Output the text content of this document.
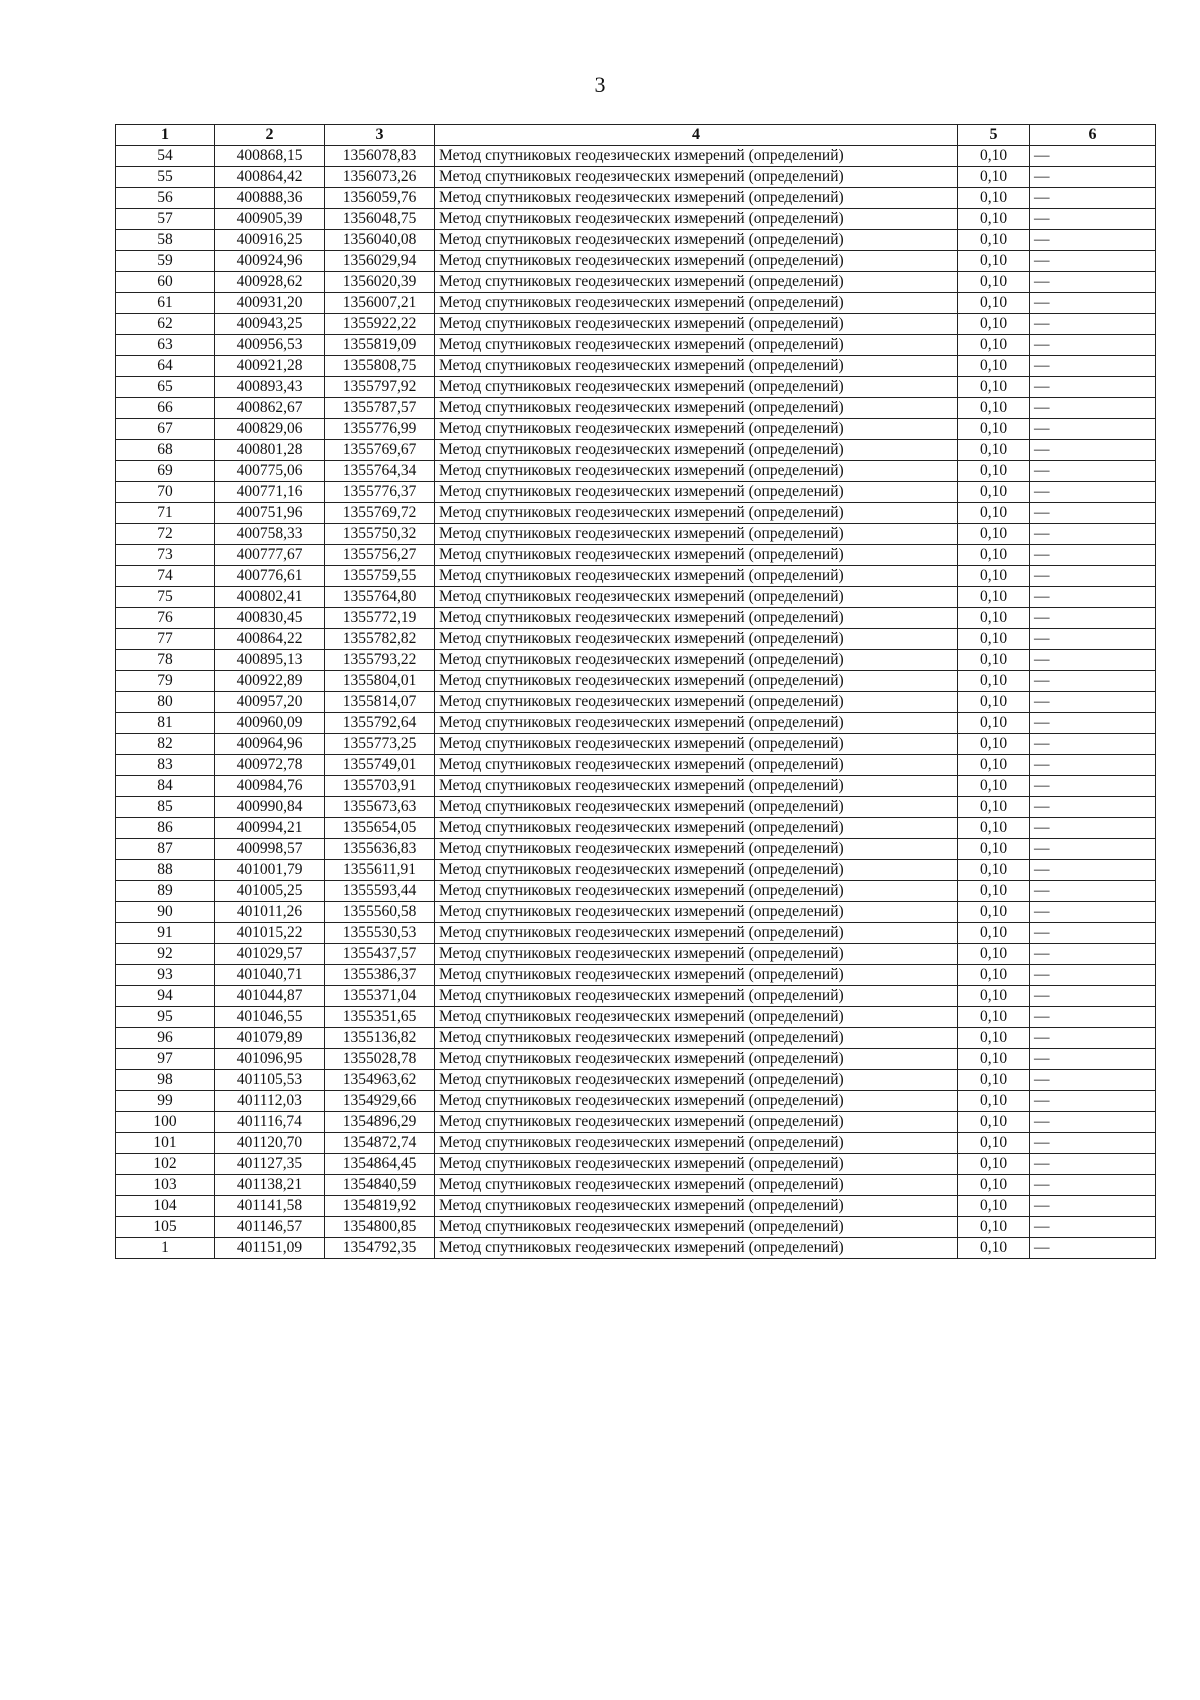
3
1	2	3	4	5	6
54	400868,15	1356078,83	Метод спутниковых геодезических измерений (определений)	0,10	—
55	400864,42	1356073,26	Метод спутниковых геодезических измерений (определений)	0,10	—
56	400888,36	1356059,76	Метод спутниковых геодезических измерений (определений)	0,10	—
57	400905,39	1356048,75	Метод спутниковых геодезических измерений (определений)	0,10	—
58	400916,25	1356040,08	Метод спутниковых геодезических измерений (определений)	0,10	—
59	400924,96	1356029,94	Метод спутниковых геодезических измерений (определений)	0,10	—
60	400928,62	1356020,39	Метод спутниковых геодезических измерений (определений)	0,10	—
61	400931,20	1356007,21	Метод спутниковых геодезических измерений (определений)	0,10	—
62	400943,25	1355922,22	Метод спутниковых геодезических измерений (определений)	0,10	—
63	400956,53	1355819,09	Метод спутниковых геодезических измерений (определений)	0,10	—
64	400921,28	1355808,75	Метод спутниковых геодезических измерений (определений)	0,10	—
65	400893,43	1355797,92	Метод спутниковых геодезических измерений (определений)	0,10	—
66	400862,67	1355787,57	Метод спутниковых геодезических измерений (определений)	0,10	—
67	400829,06	1355776,99	Метод спутниковых геодезических измерений (определений)	0,10	—
68	400801,28	1355769,67	Метод спутниковых геодезических измерений (определений)	0,10	—
69	400775,06	1355764,34	Метод спутниковых геодезических измерений (определений)	0,10	—
70	400771,16	1355776,37	Метод спутниковых геодезических измерений (определений)	0,10	—
71	400751,96	1355769,72	Метод спутниковых геодезических измерений (определений)	0,10	—
72	400758,33	1355750,32	Метод спутниковых геодезических измерений (определений)	0,10	—
73	400777,67	1355756,27	Метод спутниковых геодезических измерений (определений)	0,10	—
74	400776,61	1355759,55	Метод спутниковых геодезических измерений (определений)	0,10	—
75	400802,41	1355764,80	Метод спутниковых геодезических измерений (определений)	0,10	—
76	400830,45	1355772,19	Метод спутниковых геодезических измерений (определений)	0,10	—
77	400864,22	1355782,82	Метод спутниковых геодезических измерений (определений)	0,10	—
78	400895,13	1355793,22	Метод спутниковых геодезических измерений (определений)	0,10	—
79	400922,89	1355804,01	Метод спутниковых геодезических измерений (определений)	0,10	—
80	400957,20	1355814,07	Метод спутниковых геодезических измерений (определений)	0,10	—
81	400960,09	1355792,64	Метод спутниковых геодезических измерений (определений)	0,10	—
82	400964,96	1355773,25	Метод спутниковых геодезических измерений (определений)	0,10	—
83	400972,78	1355749,01	Метод спутниковых геодезических измерений (определений)	0,10	—
84	400984,76	1355703,91	Метод спутниковых геодезических измерений (определений)	0,10	—
85	400990,84	1355673,63	Метод спутниковых геодезических измерений (определений)	0,10	—
86	400994,21	1355654,05	Метод спутниковых геодезических измерений (определений)	0,10	—
87	400998,57	1355636,83	Метод спутниковых геодезических измерений (определений)	0,10	—
88	401001,79	1355611,91	Метод спутниковых геодезических измерений (определений)	0,10	—
89	401005,25	1355593,44	Метод спутниковых геодезических измерений (определений)	0,10	—
90	401011,26	1355560,58	Метод спутниковых геодезических измерений (определений)	0,10	—
91	401015,22	1355530,53	Метод спутниковых геодезических измерений (определений)	0,10	—
92	401029,57	1355437,57	Метод спутниковых геодезических измерений (определений)	0,10	—
93	401040,71	1355386,37	Метод спутниковых геодезических измерений (определений)	0,10	—
94	401044,87	1355371,04	Метод спутниковых геодезических измерений (определений)	0,10	—
95	401046,55	1355351,65	Метод спутниковых геодезических измерений (определений)	0,10	—
96	401079,89	1355136,82	Метод спутниковых геодезических измерений (определений)	0,10	—
97	401096,95	1355028,78	Метод спутниковых геодезических измерений (определений)	0,10	—
98	401105,53	1354963,62	Метод спутниковых геодезических измерений (определений)	0,10	—
99	401112,03	1354929,66	Метод спутниковых геодезических измерений (определений)	0,10	—
100	401116,74	1354896,29	Метод спутниковых геодезических измерений (определений)	0,10	—
101	401120,70	1354872,74	Метод спутниковых геодезических измерений (определений)	0,10	—
102	401127,35	1354864,45	Метод спутниковых геодезических измерений (определений)	0,10	—
103	401138,21	1354840,59	Метод спутниковых геодезических измерений (определений)	0,10	—
104	401141,58	1354819,92	Метод спутниковых геодезических измерений (определений)	0,10	—
105	401146,57	1354800,85	Метод спутниковых геодезических измерений (определений)	0,10	—
1	401151,09	1354792,35	Метод спутниковых геодезических измерений (определений)	0,10	—
